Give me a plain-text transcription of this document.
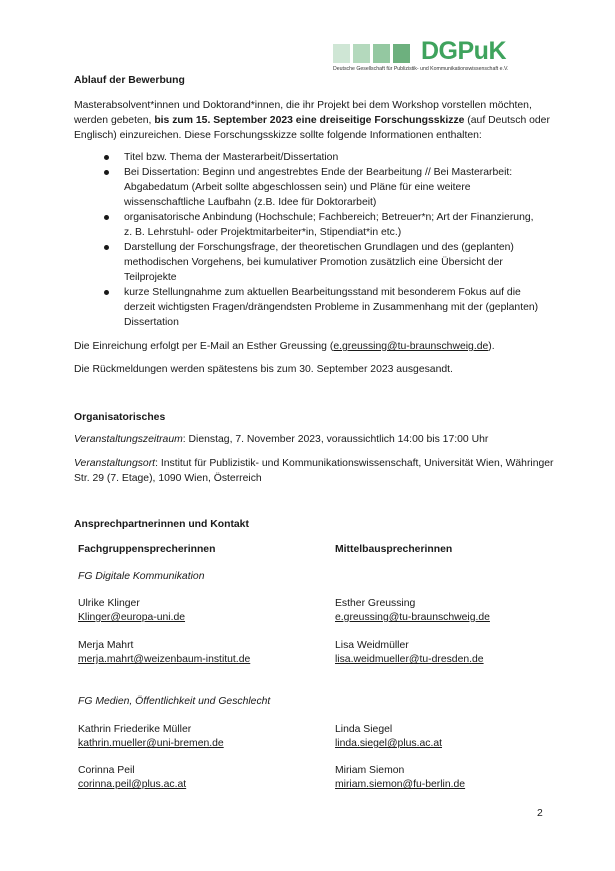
DGPuK
Deutsche Gesellschaft für Publizistik- und Kommunikationswissenschaft e.V.
Ablauf der Bewerbung
Masterabsolvent*innen und Doktorand*innen, die ihr Projekt bei dem Workshop vorstellen möchten, werden gebeten, bis zum 15. September 2023 eine dreiseitige Forschungsskizze (auf Deutsch oder Englisch) einzureichen. Diese Forschungsskizze sollte folgende Informationen enthalten:
Titel bzw. Thema der Masterarbeit/Dissertation
Bei Dissertation: Beginn und angestrebtes Ende der Bearbeitung // Bei Masterarbeit: Abgabedatum (Arbeit sollte abgeschlossen sein) und Pläne für eine weitere wissenschaftliche Laufbahn (z.B. Idee für Doktorarbeit)
organisatorische Anbindung (Hochschule; Fachbereich; Betreuer*n; Art der Finanzierung, z. B. Lehrstuhl- oder Projektmitarbeiter*in, Stipendiat*in etc.)
Darstellung der Forschungsfrage, der theoretischen Grundlagen und des (geplanten) methodischen Vorgehens, bei kumulativer Promotion zusätzlich eine Übersicht der Teilprojekte
kurze Stellungnahme zum aktuellen Bearbeitungsstand mit besonderem Fokus auf die derzeit wichtigsten Fragen/drängendsten Probleme in Zusammenhang mit der (geplanten) Dissertation
Die Einreichung erfolgt per E-Mail an Esther Greussing (e.greussing@tu-braunschweig.de).
Die Rückmeldungen werden spätestens bis zum 30. September 2023 ausgesandt.
Organisatorisches
Veranstaltungszeitraum: Dienstag, 7. November 2023, voraussichtlich 14:00 bis 17:00 Uhr
Veranstaltungsort: Institut für Publizistik- und Kommunikationswissenschaft, Universität Wien, Währinger Str. 29 (7. Etage), 1090 Wien, Österreich
Ansprechpartnerinnen und Kontakt
Fachgruppensprecherinnen	Mittelbausprecherinnen
FG Digitale Kommunikation
Ulrike Klinger
Klinger@europa-uni.de
Merja Mahrt
merja.mahrt@weizenbaum-institut.de
Esther Greussing
e.greussing@tu-braunschweig.de
Lisa Weidmüller
lisa.weidmueller@tu-dresden.de
FG Medien, Öffentlichkeit und Geschlecht
Kathrin Friederike Müller
kathrin.mueller@uni-bremen.de
Corinna Peil
corinna.peil@plus.ac.at
Linda Siegel
linda.siegel@plus.ac.at
Miriam Siemon
miriam.siemon@fu-berlin.de
2
